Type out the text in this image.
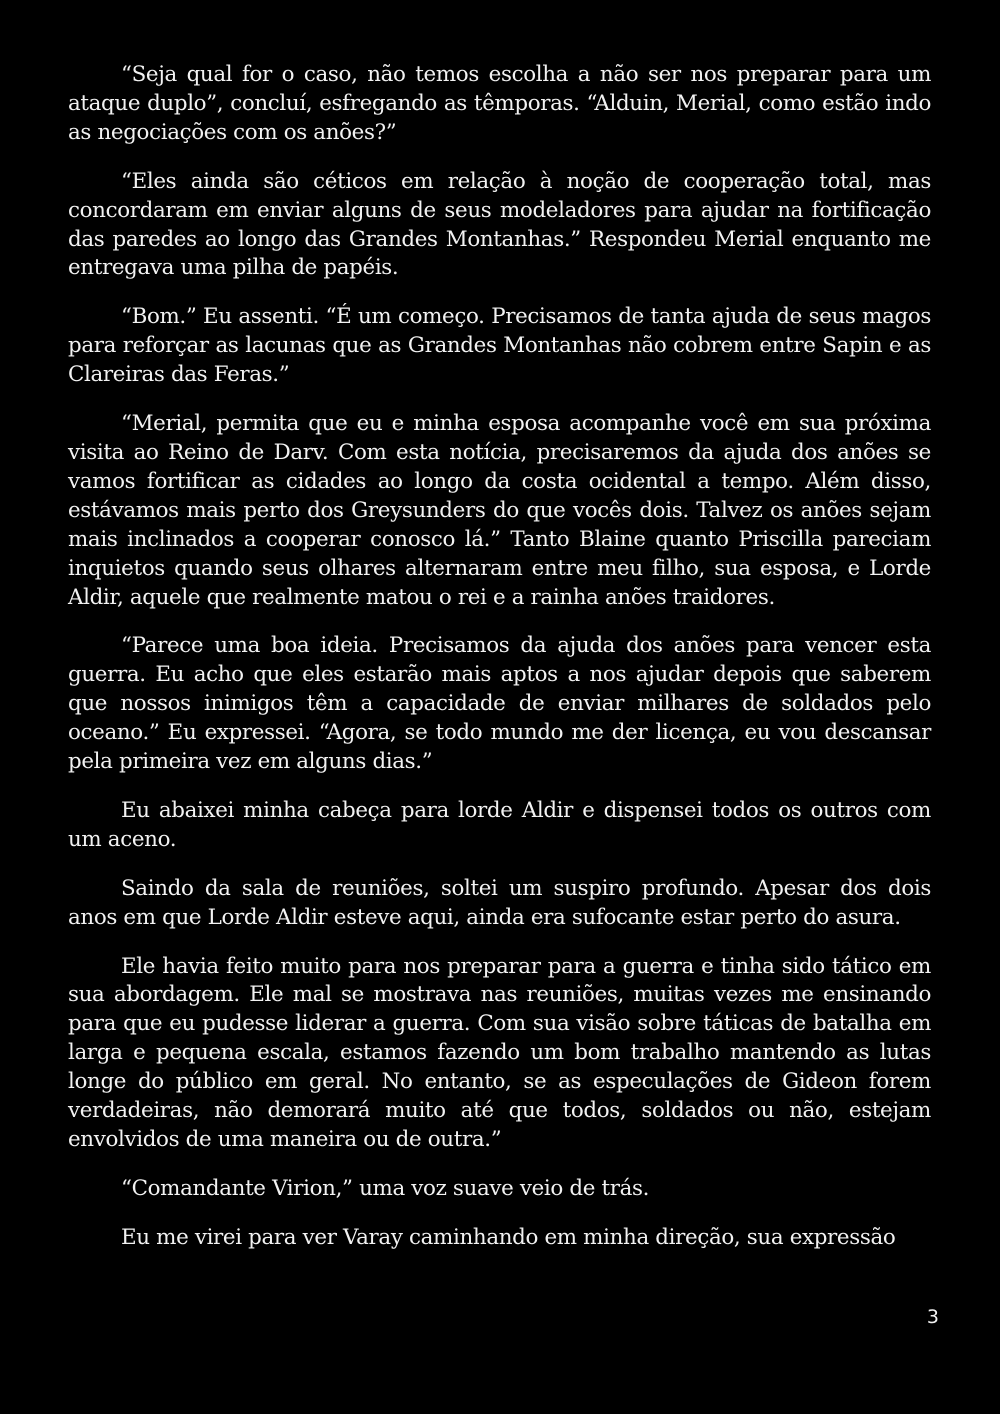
“Seja qual for o caso, não temos escolha a não ser nos preparar para um ataque duplo”, concluí, esfregando as têmporas. “Alduin, Merial, como estão indo as negociações com os anões?”

“Eles ainda são céticos em relação à noção de cooperação total, mas concordaram em enviar alguns de seus modeladores para ajudar na fortificação das paredes ao longo das Grandes Montanhas.” Respondeu Merial enquanto me entregava uma pilha de papéis.

“Bom.” Eu assenti. “É um começo. Precisamos de tanta ajuda de seus magos para reforçar as lacunas que as Grandes Montanhas não cobrem entre Sapin e as Clareiras das Feras.”

“Merial, permita que eu e minha esposa acompanhe você em sua próxima visita ao Reino de Darv. Com esta notícia, precisaremos da ajuda dos anões se vamos fortificar as cidades ao longo da costa ocidental a tempo. Além disso, estávamos mais perto dos Greysunders do que vocês dois. Talvez os anões sejam mais inclinados a cooperar conosco lá.” Tanto Blaine quanto Priscilla pareciam inquietos quando seus olhares alternaram entre meu filho, sua esposa, e Lorde Aldir, aquele que realmente matou o rei e a rainha anões traidores.

“Parece uma boa ideia. Precisamos da ajuda dos anões para vencer esta guerra. Eu acho que eles estarão mais aptos a nos ajudar depois que saberem que nossos inimigos têm a capacidade de enviar milhares de soldados pelo oceano.” Eu expressei. “Agora, se todo mundo me der licença, eu vou descansar pela primeira vez em alguns dias.”

Eu abaixei minha cabeça para lorde Aldir e dispensei todos os outros com um aceno.

Saindo da sala de reuniões, soltei um suspiro profundo. Apesar dos dois anos em que Lorde Aldir esteve aqui, ainda era sufocante estar perto do asura.

Ele havia feito muito para nos preparar para a guerra e tinha sido tático em sua abordagem. Ele mal se mostrava nas reuniões, muitas vezes me ensinando para que eu pudesse liderar a guerra. Com sua visão sobre táticas de batalha em larga e pequena escala, estamos fazendo um bom trabalho mantendo as lutas longe do público em geral. No entanto, se as especulações de Gideon forem verdadeiras, não demorará muito até que todos, soldados ou não, estejam envolvidos de uma maneira ou de outra.”

“Comandante Virion,” uma voz suave veio de trás.

Eu me virei para ver Varay caminhando em minha direção, sua expressão

3
